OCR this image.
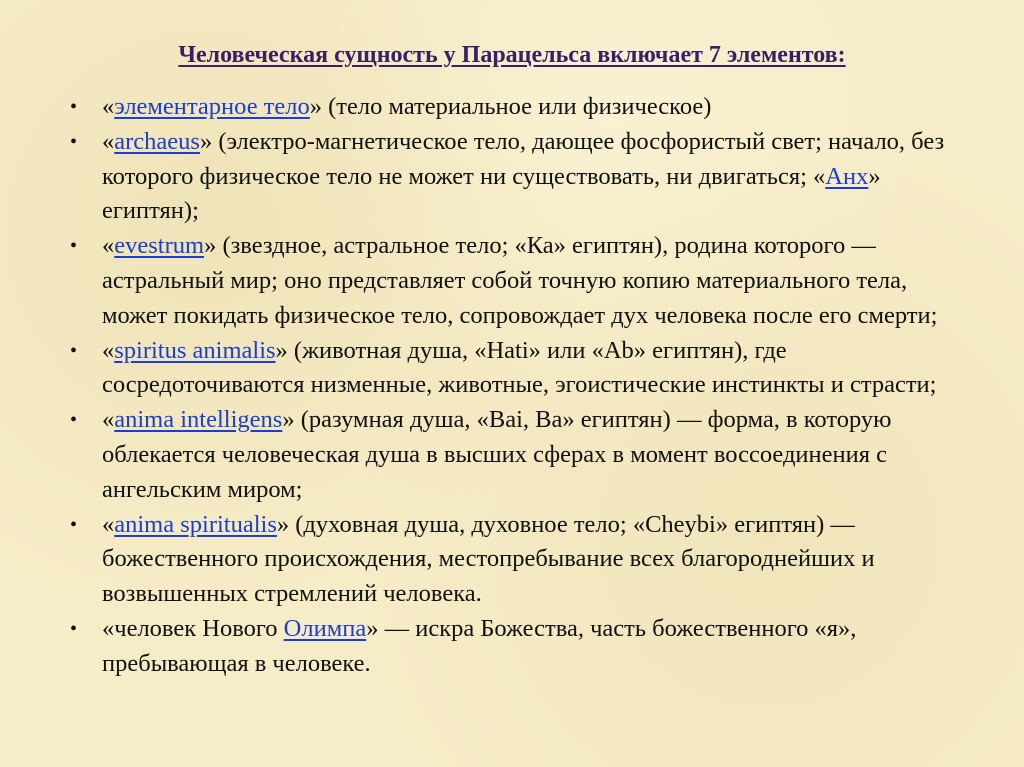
Человеческая сущность у Парацельса включает 7 элементов:
•	«элементарное тело» (тело материальное или физическое)
•	«archaeus» (электро-магнетическое тело, дающее фосфористый свет; начало, без которого физическое тело не может ни существовать, ни двигаться; «Анх» египтян);
•	«evestrum» (звездное, астральное тело; «Ка» египтян), родина которого — астральный мир; оно представляет собой точную копию материального тела, может покидать физическое тело, сопровождает дух человека после его смерти;
•	«spiritus animalis» (животная душа, «Hati» или «Ab» египтян), где сосредоточиваются низменные, животные, эгоистические инстинкты и страсти;
•	«anima intelligens» (разумная душа, «Bai, Ba» египтян) — форма, в которую облекается человеческая душа в высших сферах в момент воссоединения с ангельским миром;
•	«anima spiritualis» (духовная душа, духовное тело; «Cheybi» египтян) — божественного происхождения, местопребывание всех благороднейших и возвышенных стремлений человека.
•	«человек Нового Олимпа» — искра Божества, часть божественного «я», пребывающая в человеке.
